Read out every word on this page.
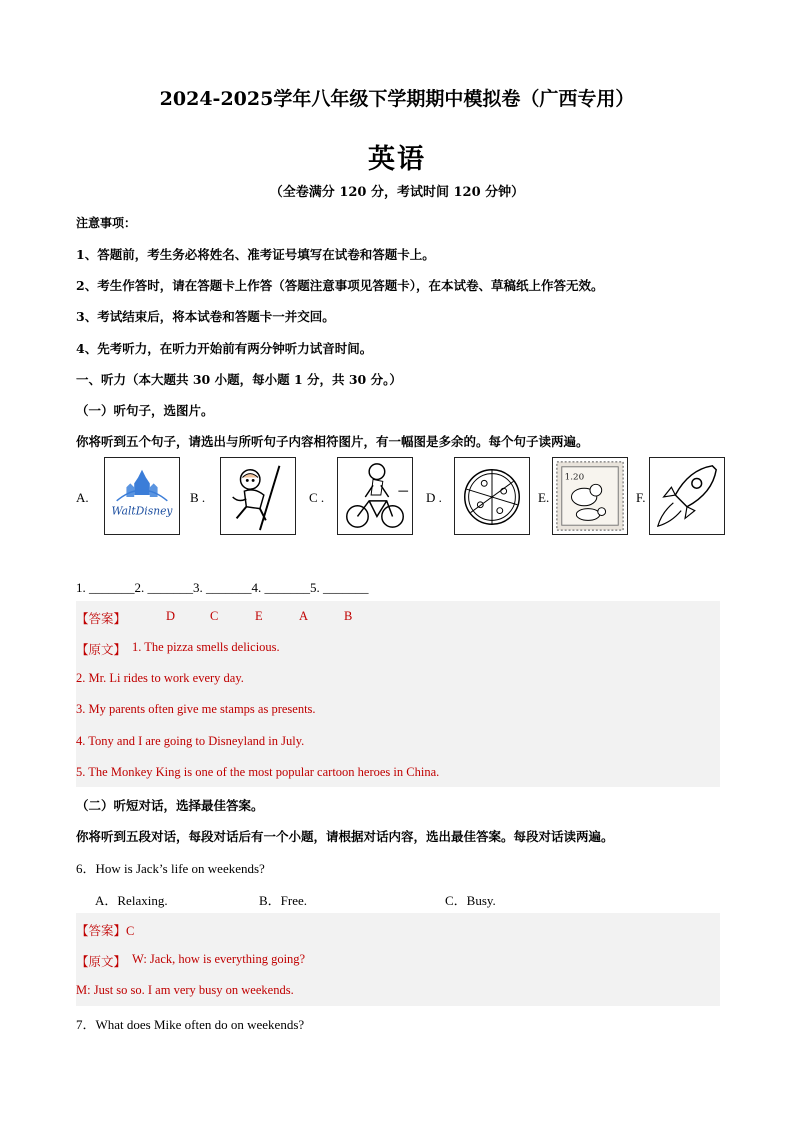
2024-2025学年八年级下学期期中模拟卷（广西专用）
英语
（全卷满分 120 分，考试时间 120 分钟）
注意事项：
1、答题前，考生务必将姓名、准考证号填写在试卷和答题卡上。
2、考生作答时，请在答题卡上作答（答题注意事项见答题卡），在本试卷、草稿纸上作答无效。
3、考试结束后，将本试卷和答题卡一并交回。
4、先考听力，在听力开始前有两分钟听力试音时间。
一、听力（本大题共 30 小题，每小题 1 分，共 30 分。）
（一）听句子，选图片。
你将听到五个句子，请选出与所听句子内容相符图片，有一幅图是多余的。每个句子读两遍。
A.
WaltDisney
B .	C .	D .	E.
1.20
F.
1. _______2. _______3. _______4. _______5. _______
【答案】	D	C	E	A	B
【原文】 1. The pizza smells delicious.
2. Mr. Li rides to work every day.
3. My parents often give me stamps as presents.
4. Tony and I are going to Disneyland in July.
5. The Monkey King is one of the most popular cartoon heroes in China.
（二）听短对话，选择最佳答案。
你将听到五段对话，每段对话后有一个小题，请根据对话内容，选出最佳答案。每段对话读两遍。
6．How is Jack’s life on weekends?
A．Relaxing.	B．Free.	C．Busy.
【答案】C
【原文】 W: Jack, how is everything going?
M: Just so so. I am very busy on weekends.
7．What does Mike often do on weekends?
